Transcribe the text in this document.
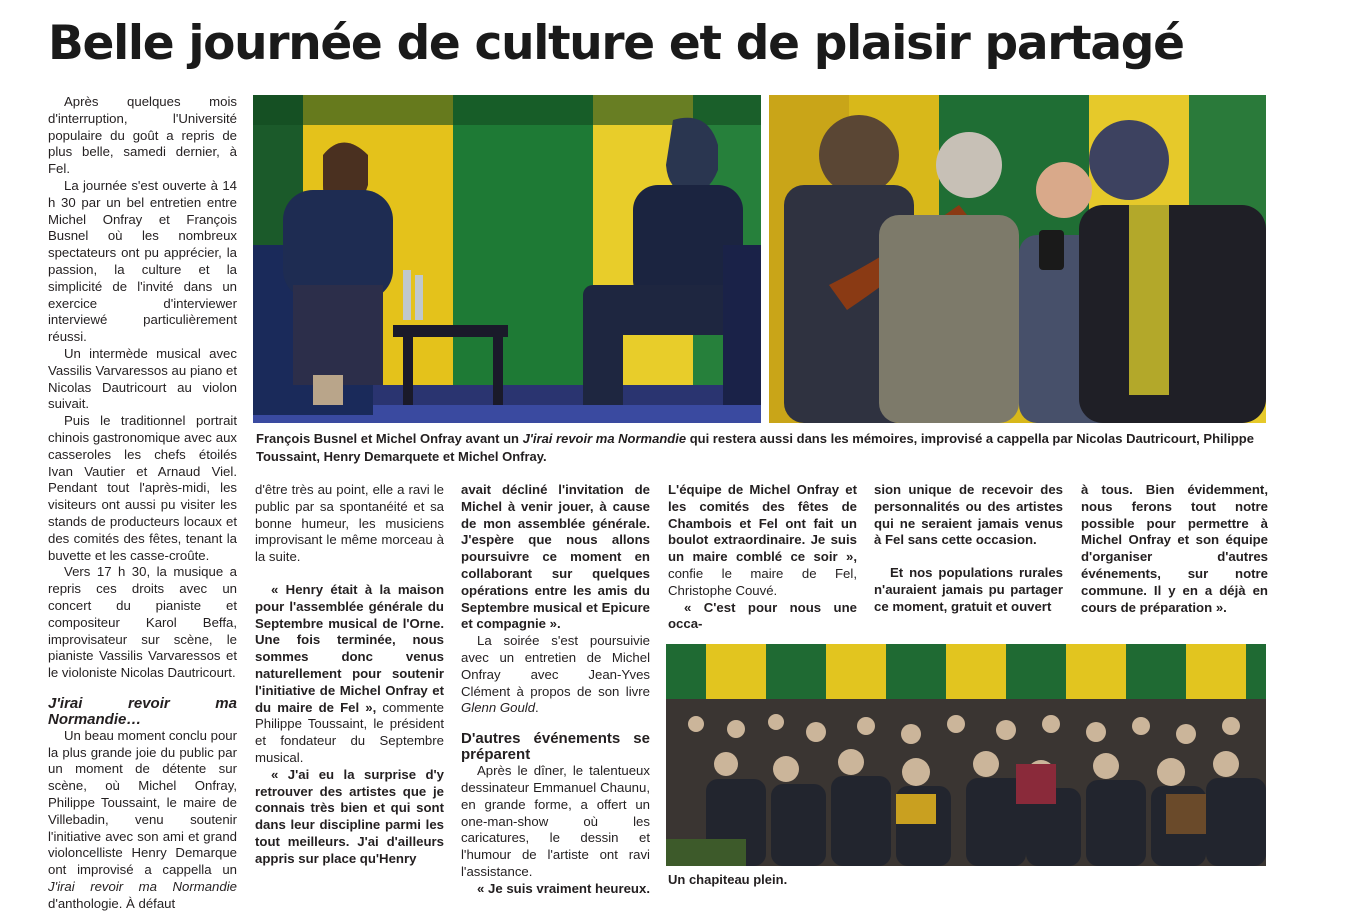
Belle journée de culture et de plaisir partagé

Après quelques mois d'interruption, l'Université populaire du goût a repris de plus belle, samedi dernier, à Fel.

La journée s'est ouverte à 14 h 30 par un bel entretien entre Michel Onfray et François Busnel où les nombreux spectateurs ont pu apprécier, la passion, la culture et la simplicité de l'invité dans un exercice d'interviewer interviewé particulièrement réussi.

Un intermède musical avec Vassilis Varvaressos au piano et Nicolas Dautricourt au violon suivait.

Puis le traditionnel portrait chinois gastronomique avec aux casseroles les chefs étoilés Ivan Vautier et Arnaud Viel. Pendant tout l'après-midi, les visiteurs ont aussi pu visiter les stands de producteurs locaux et des comités des fêtes, tenant la buvette et les casse-croûte.

Vers 17 h 30, la musique a repris ces droits avec un concert du pianiste et compositeur Karol Beffa, improvisateur sur scène, le pianiste Vassilis Varvaressos et le violoniste Nicolas Dautricourt.

J'irai revoir ma Normandie…

Un beau moment conclu pour la plus grande joie du public par un moment de détente sur scène, où Michel Onfray, Philippe Toussaint, le maire de Villebadin, venu soutenir l'initiative avec son ami et grand violoncelliste Henry Demarque ont improvisé a cappella un J'irai revoir ma Normandie d'anthologie. À défaut

François Busnel et Michel Onfray avant un J'irai revoir ma Normandie qui restera aussi dans les mémoires, improvisé a cappella par Nicolas Dautricourt, Philippe Toussaint, Henry Demarquete et Michel Onfray.

d'être très au point, elle a ravi le public par sa spontanéité et sa bonne humeur, les musiciens improvisant le même morceau à la suite.

« Henry était à la maison pour l'assemblée générale du Septembre musical de l'Orne. Une fois terminée, nous sommes donc venus naturellement pour soutenir l'initiative de Michel Onfray et du maire de Fel », commente Philippe Toussaint, le président et fondateur du Septembre musical.

« J'ai eu la surprise d'y retrouver des artistes que je connais très bien et qui sont dans leur discipline parmi les tout meilleurs. J'ai d'ailleurs appris sur place qu'Henry

avait décliné l'invitation de Michel à venir jouer, à cause de mon assemblée générale. J'espère que nous allons poursuivre ce moment en collaborant sur quelques opérations entre les amis du Septembre musical et Epicure et compagnie ».

La soirée s'est poursuivie avec un entretien de Michel Onfray avec Jean-Yves Clément à propos de son livre Glenn Gould.

D'autres événements se préparent

Après le dîner, le talentueux dessinateur Emmanuel Chaunu, en grande forme, a offert un one-man-show où les caricatures, le dessin et l'humour de l'artiste ont ravi l'assistance.

« Je suis vraiment heureux.

L'équipe de Michel Onfray et les comités des fêtes de Chambois et Fel ont fait un boulot extraordinaire. Je suis un maire comblé ce soir », confie le maire de Fel, Christophe Couvé.

« C'est pour nous une occa-

sion unique de recevoir des personnalités ou des artistes qui ne seraient jamais venus à Fel sans cette occasion.

Et nos populations rurales n'auraient jamais pu partager ce moment, gratuit et ouvert

à tous. Bien évidemment, nous ferons tout notre possible pour permettre à Michel Onfray et son équipe d'organiser d'autres événements, sur notre commune. Il y en a déjà en cours de préparation ».

Un chapiteau plein.
